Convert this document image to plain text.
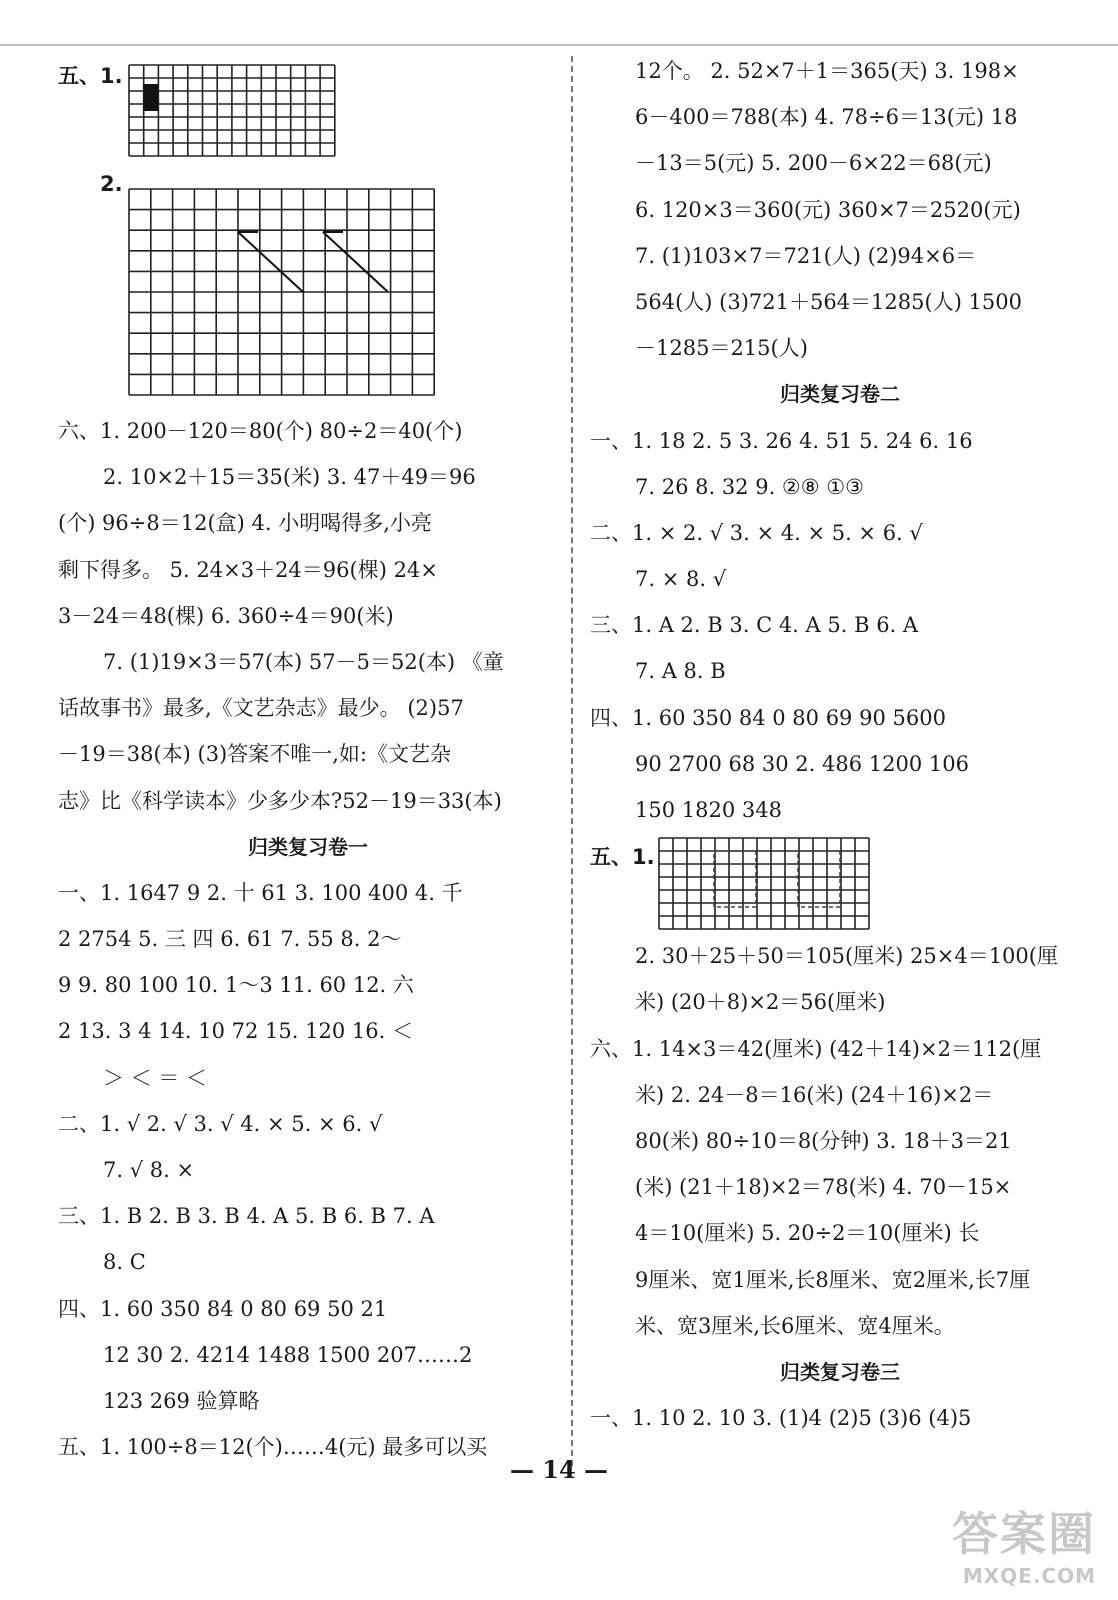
五、1.
2.
六、1. 200－120＝80(个) 80÷2＝40(个)
2. 10×2＋15＝35(米) 3. 47＋49＝96
(个) 96÷8＝12(盒) 4. 小明喝得多,小亮
剩下得多。 5. 24×3＋24＝96(棵) 24×
3－24＝48(棵) 6. 360÷4＝90(米)
7. (1)19×3＝57(本) 57－5＝52(本) 《童
话故事书》最多,《文艺杂志》最少。 (2)57
－19＝38(本) (3)答案不唯一,如:《文艺杂
志》比《科学读本》少多少本?52－19＝33(本)
归类复习卷一
一、1. 1647 9 2. 十 61 3. 100 400 4. 千
2 2754 5. 三 四 6. 61 7. 55 8. 2～
9 9. 80 100 10. 1～3 11. 60 12. 六
2 13. 3 4 14. 10 72 15. 120 16. ＜
＞ ＜ ＝ ＜
二、1. √ 2. √ 3. √ 4. × 5. × 6. √
7. √ 8. ×
三、1. B 2. B 3. B 4. A 5. B 6. B 7. A
8. C
四、1. 60 350 84 0 80 69 50 21
12 30 2. 4214 1488 1500 207……2
123 269 验算略
五、1. 100÷8＝12(个)……4(元) 最多可以买
12个。 2. 52×7＋1＝365(天) 3. 198×
6－400＝788(本) 4. 78÷6＝13(元) 18
－13＝5(元) 5. 200－6×22＝68(元)
6. 120×3＝360(元) 360×7＝2520(元)
7. (1)103×7＝721(人) (2)94×6＝
564(人) (3)721＋564＝1285(人) 1500
－1285＝215(人)
归类复习卷二
一、1. 18 2. 5 3. 26 4. 51 5. 24 6. 16
7. 26 8. 32 9. ②⑧ ①③
二、1. × 2. √ 3. × 4. × 5. × 6. √
7. × 8. √
三、1. A 2. B 3. C 4. A 5. B 6. A
7. A 8. B
四、1. 60 350 84 0 80 69 90 5600
90 2700 68 30 2. 486 1200 106
150 1820 348
五、1.
2. 30＋25＋50＝105(厘米) 25×4＝100(厘
米) (20＋8)×2＝56(厘米)
六、1. 14×3＝42(厘米) (42＋14)×2＝112(厘
米) 2. 24－8＝16(米) (24＋16)×2＝
80(米) 80÷10＝8(分钟) 3. 18＋3＝21
(米) (21＋18)×2＝78(米) 4. 70－15×
4＝10(厘米) 5. 20÷2＝10(厘米) 长
9厘米、宽1厘米,长8厘米、宽2厘米,长7厘
米、宽3厘米,长6厘米、宽4厘米。
归类复习卷三
一、1. 10 2. 10 3. (1)4 (2)5 (3)6 (4)5
— 14 —
答案圈
MXQE.COM
